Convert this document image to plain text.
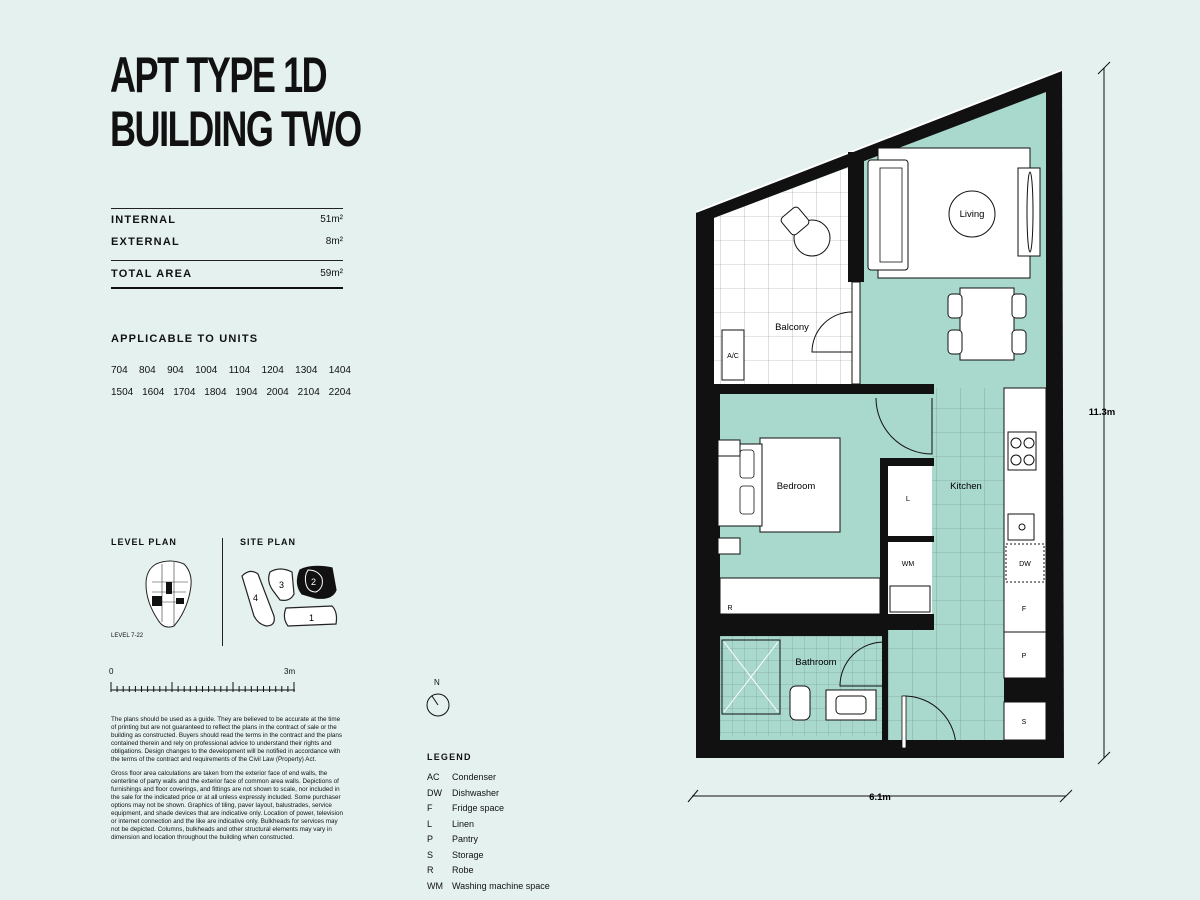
APT TYPE 1D
BUILDING TWO
INTERNAL	51m²
EXTERNAL	8m²
TOTAL AREA	59m²
APPLICABLE TO UNITS
704 804 904 1004 1104 1204 1304 1404
1504 1604 1704 1804 1904 2004 2104 2204
LEVEL PLAN	SITE PLAN
LEVEL 7-22
4
3	2
1
0	3m

The plans should be used as a guide. They are believed to be accurate at the time of printing but are not guaranteed to reflect the plans in the contract of sale or the building as constructed. Buyers should read the terms in the contract and the plans contained therein and rely on professional advice to understand their rights and obligations. Design changes to the development will be notified in accordance with the terms of the contract and requirements of the Civil Law (Property) Act.

Gross floor area calculations are taken from the exterior face of end walls, the centerline of party walls and the exterior face of common area walls. Depictions of furnishings and floor coverings, and fittings are not shown to scale, nor included in the sale for the indicated price or at all unless expressly included. Some purchaser options may not be shown. Graphics of tiling, paver layout, balustrades, service equipment, and shade devices that are indicative only. Location of power, television or internet connection and the like are indicative only. Bulkheads for services may not be depicted. Columns, bulkheads and other structural elements may vary in dimension and location throughout the building when constructed.

N
LEGEND
AC	Condenser
DW	Dishwasher
F	Fridge space
L	Linen
P	Pantry
S	Storage
R	Robe
WM	Washing machine space
Living
Balcony
Bedroom	Kitchen
Bathroom
A/C
L
WM	DW
F
P
S
R
11.3m
6.1m
